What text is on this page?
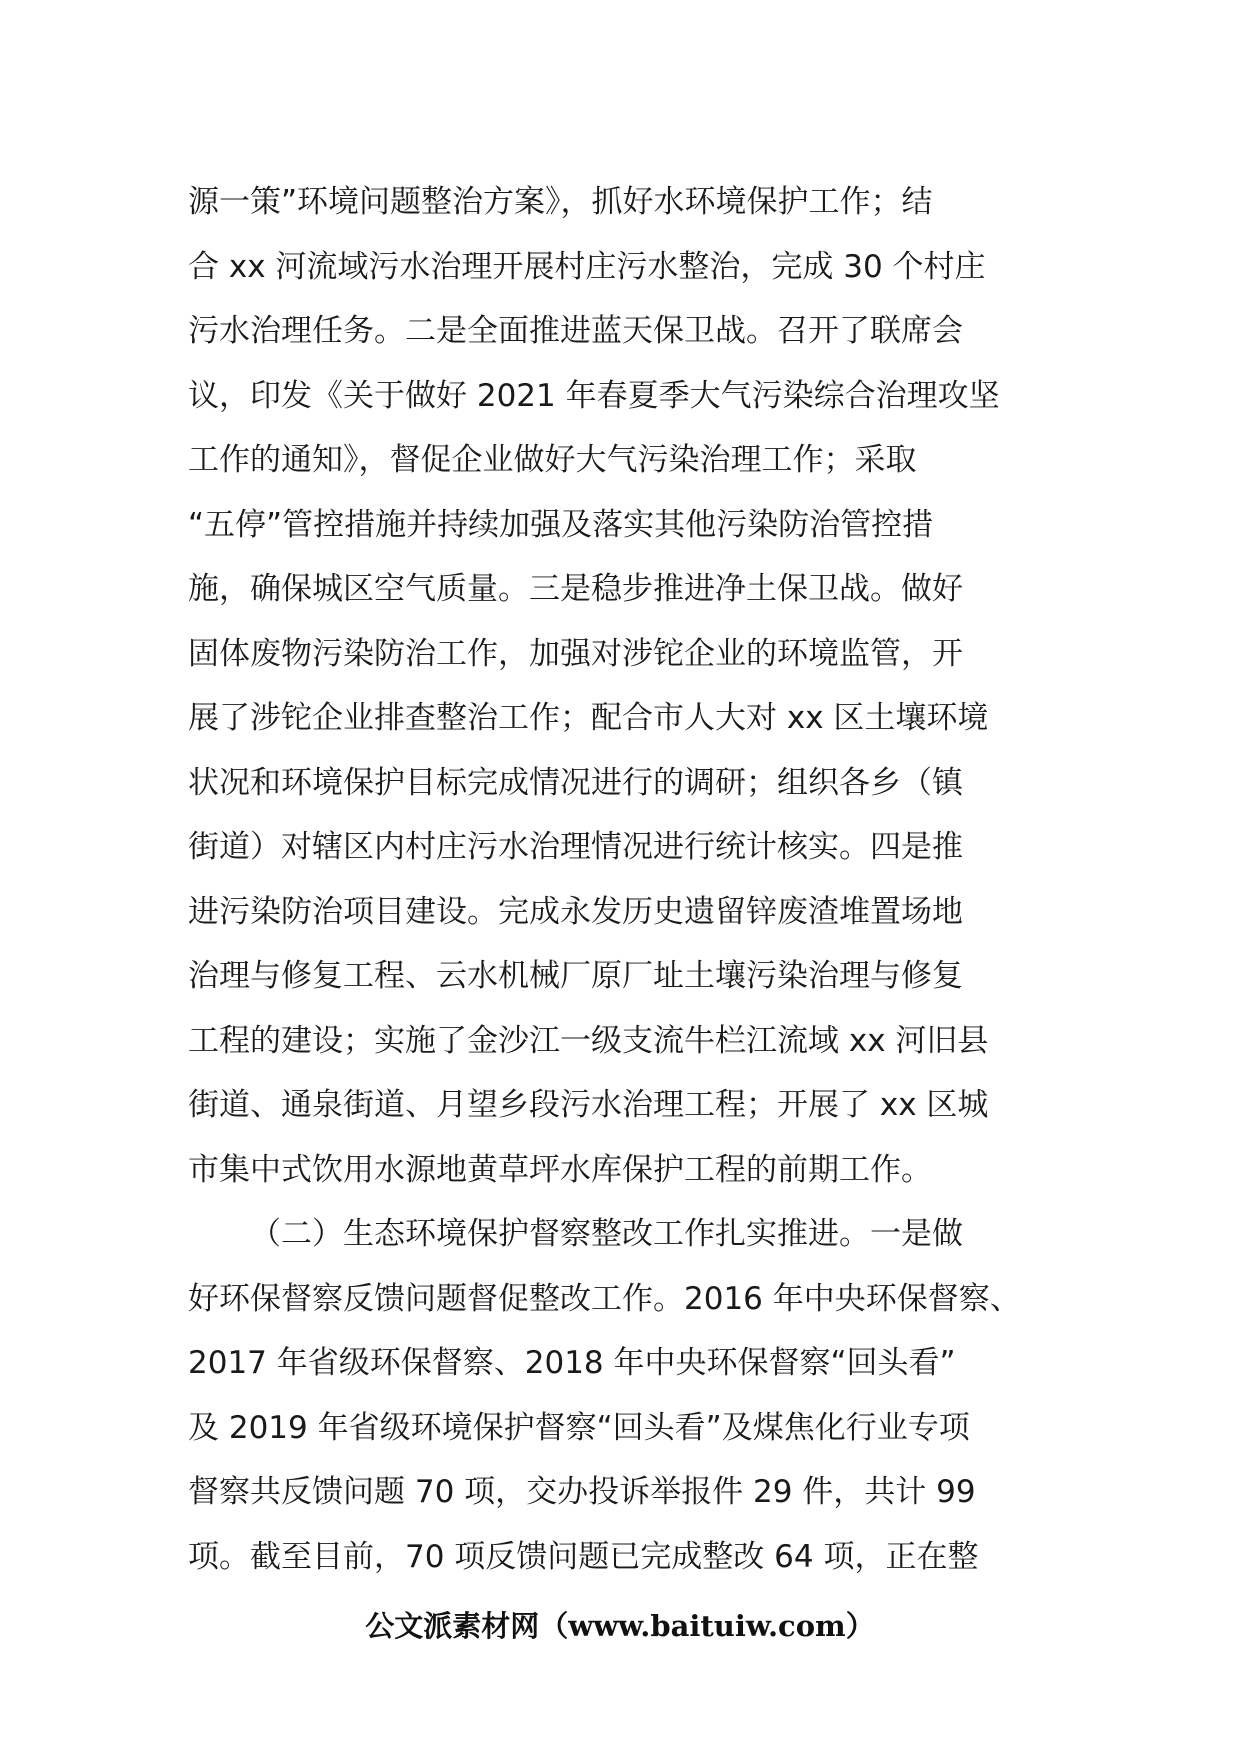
源一策”环境问题整治方案》，抓好水环境保护工作；结
合 xx 河流域污水治理开展村庄污水整治，完成 30 个村庄
污水治理任务。二是全面推进蓝天保卫战。召开了联席会
议，印发《关于做好 2021 年春夏季大气污染综合治理攻坚
工作的通知》，督促企业做好大气污染治理工作；采取
“五停”管控措施并持续加强及落实其他污染防治管控措
施，确保城区空气质量。三是稳步推进净土保卫战。做好
固体废物污染防治工作，加强对涉铊企业的环境监管，开
展了涉铊企业排查整治工作；配合市人大对 xx 区土壤环境
状况和环境保护目标完成情况进行的调研；组织各乡（镇
街道）对辖区内村庄污水治理情况进行统计核实。四是推
进污染防治项目建设。完成永发历史遗留锌废渣堆置场地
治理与修复工程、云水机械厂原厂址土壤污染治理与修复
工程的建设；实施了金沙江一级支流牛栏江流域 xx 河旧县
街道、通泉街道、月望乡段污水治理工程；开展了 xx 区城
市集中式饮用水源地黄草坪水库保护工程的前期工作。
（二）生态环境保护督察整改工作扎实推进。一是做
好环保督察反馈问题督促整改工作。2016 年中央环保督察、
2017 年省级环保督察、2018 年中央环保督察“回头看”
及 2019 年省级环境保护督察“回头看”及煤焦化行业专项
督察共反馈问题 70 项，交办投诉举报件 29 件，共计 99
项。截至目前，70 项反馈问题已完成整改 64 项，正在整
公文派素材网（www.baituiw.com）
